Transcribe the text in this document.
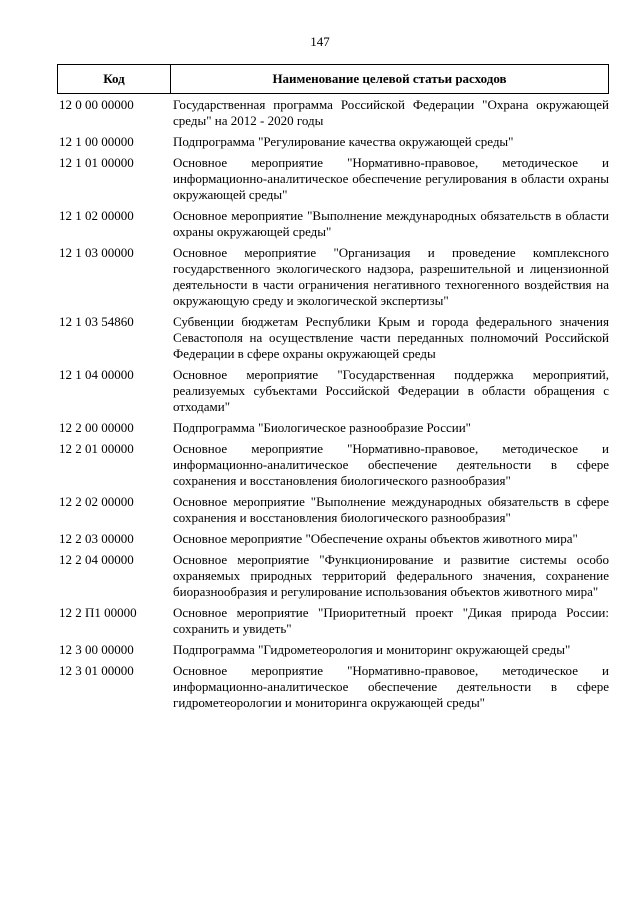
147
Код	Наименование целевой статьи расходов
12 0 00 00000	Государственная программа Российской Федерации "Охрана окружающей среды" на 2012 - 2020 годы
12 1 00 00000	Подпрограмма "Регулирование качества окружающей среды"
12 1 01 00000	Основное мероприятие "Нормативно-правовое, методическое и информационно-аналитическое обеспечение регулирования в области охраны окружающей среды"
12 1 02 00000	Основное мероприятие "Выполнение международных обязательств в области охраны окружающей среды"
12 1 03 00000	Основное мероприятие "Организация и проведение комплексного государственного экологического надзора, разрешительной и лицензионной деятельности в части ограничения негативного техногенного воздействия на окружающую среду и экологической экспертизы"
12 1 03 54860	Субвенции бюджетам Республики Крым и города федерального значения Севастополя на осуществление части переданных полномочий Российской Федерации в сфере охраны окружающей среды
12 1 04 00000	Основное мероприятие "Государственная поддержка мероприятий, реализуемых субъектами Российской Федерации в области обращения с отходами"
12 2 00 00000	Подпрограмма "Биологическое разнообразие России"
12 2 01 00000	Основное мероприятие "Нормативно-правовое, методическое и информационно-аналитическое обеспечение деятельности в сфере сохранения и восстановления биологического разнообразия"
12 2 02 00000	Основное мероприятие "Выполнение международных обязательств в сфере сохранения и восстановления биологического разнообразия"
12 2 03 00000	Основное мероприятие "Обеспечение охраны объектов животного мира"
12 2 04 00000	Основное мероприятие "Функционирование и развитие системы особо охраняемых природных территорий федерального значения, сохранение биоразнообразия и регулирование использования объектов животного мира"
12 2 П1 00000	Основное мероприятие "Приоритетный проект "Дикая природа России: сохранить и увидеть"
12 3 00 00000	Подпрограмма "Гидрометеорология и мониторинг окружающей среды"
12 3 01 00000	Основное мероприятие "Нормативно-правовое, методическое и информационно-аналитическое обеспечение деятельности в сфере гидрометеорологии и мониторинга окружающей среды"
